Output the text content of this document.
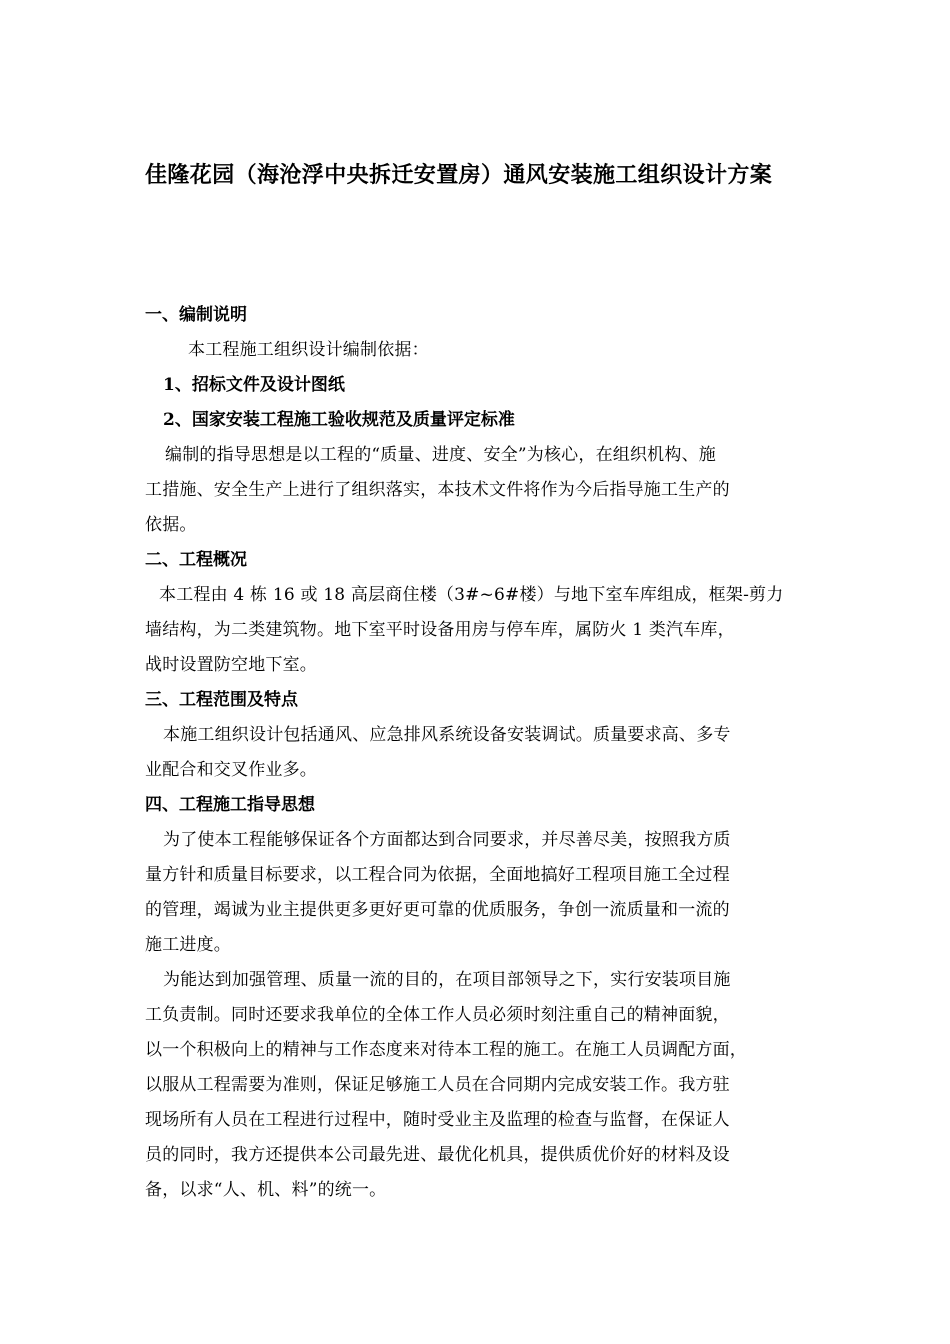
佳隆花园（海沧浮中央拆迁安置房）通风安装施工组织设计方案
一、编制说明
本工程施工组织设计编制依据：
1、招标文件及设计图纸
2、国家安装工程施工验收规范及质量评定标准
编制的指导思想是以工程的“质量、进度、安全”为核心，在组织机构、施
工措施、安全生产上进行了组织落实，本技术文件将作为今后指导施工生产的
依据。
二、工程概况
本工程由 4 栋 16 或 18 高层商住楼（3#~6#楼）与地下室车库组成，框架-剪力
墙结构，为二类建筑物。地下室平时设备用房与停车库，属防火 1 类汽车库，
战时设置防空地下室。
三、工程范围及特点
本施工组织设计包括通风、应急排风系统设备安装调试。质量要求高、多专
业配合和交叉作业多。
四、工程施工指导思想
为了使本工程能够保证各个方面都达到合同要求，并尽善尽美，按照我方质
量方针和质量目标要求，以工程合同为依据，全面地搞好工程项目施工全过程
的管理，竭诚为业主提供更多更好更可靠的优质服务，争创一流质量和一流的
施工进度。
为能达到加强管理、质量一流的目的，在项目部领导之下，实行安装项目施
工负责制。同时还要求我单位的全体工作人员必须时刻注重自己的精神面貌，
以一个积极向上的精神与工作态度来对待本工程的施工。在施工人员调配方面，
以服从工程需要为准则，保证足够施工人员在合同期内完成安装工作。我方驻
现场所有人员在工程进行过程中，随时受业主及监理的检查与监督，在保证人
员的同时，我方还提供本公司最先进、最优化机具，提供质优价好的材料及设
备，以求“人、机、料”的统一。
